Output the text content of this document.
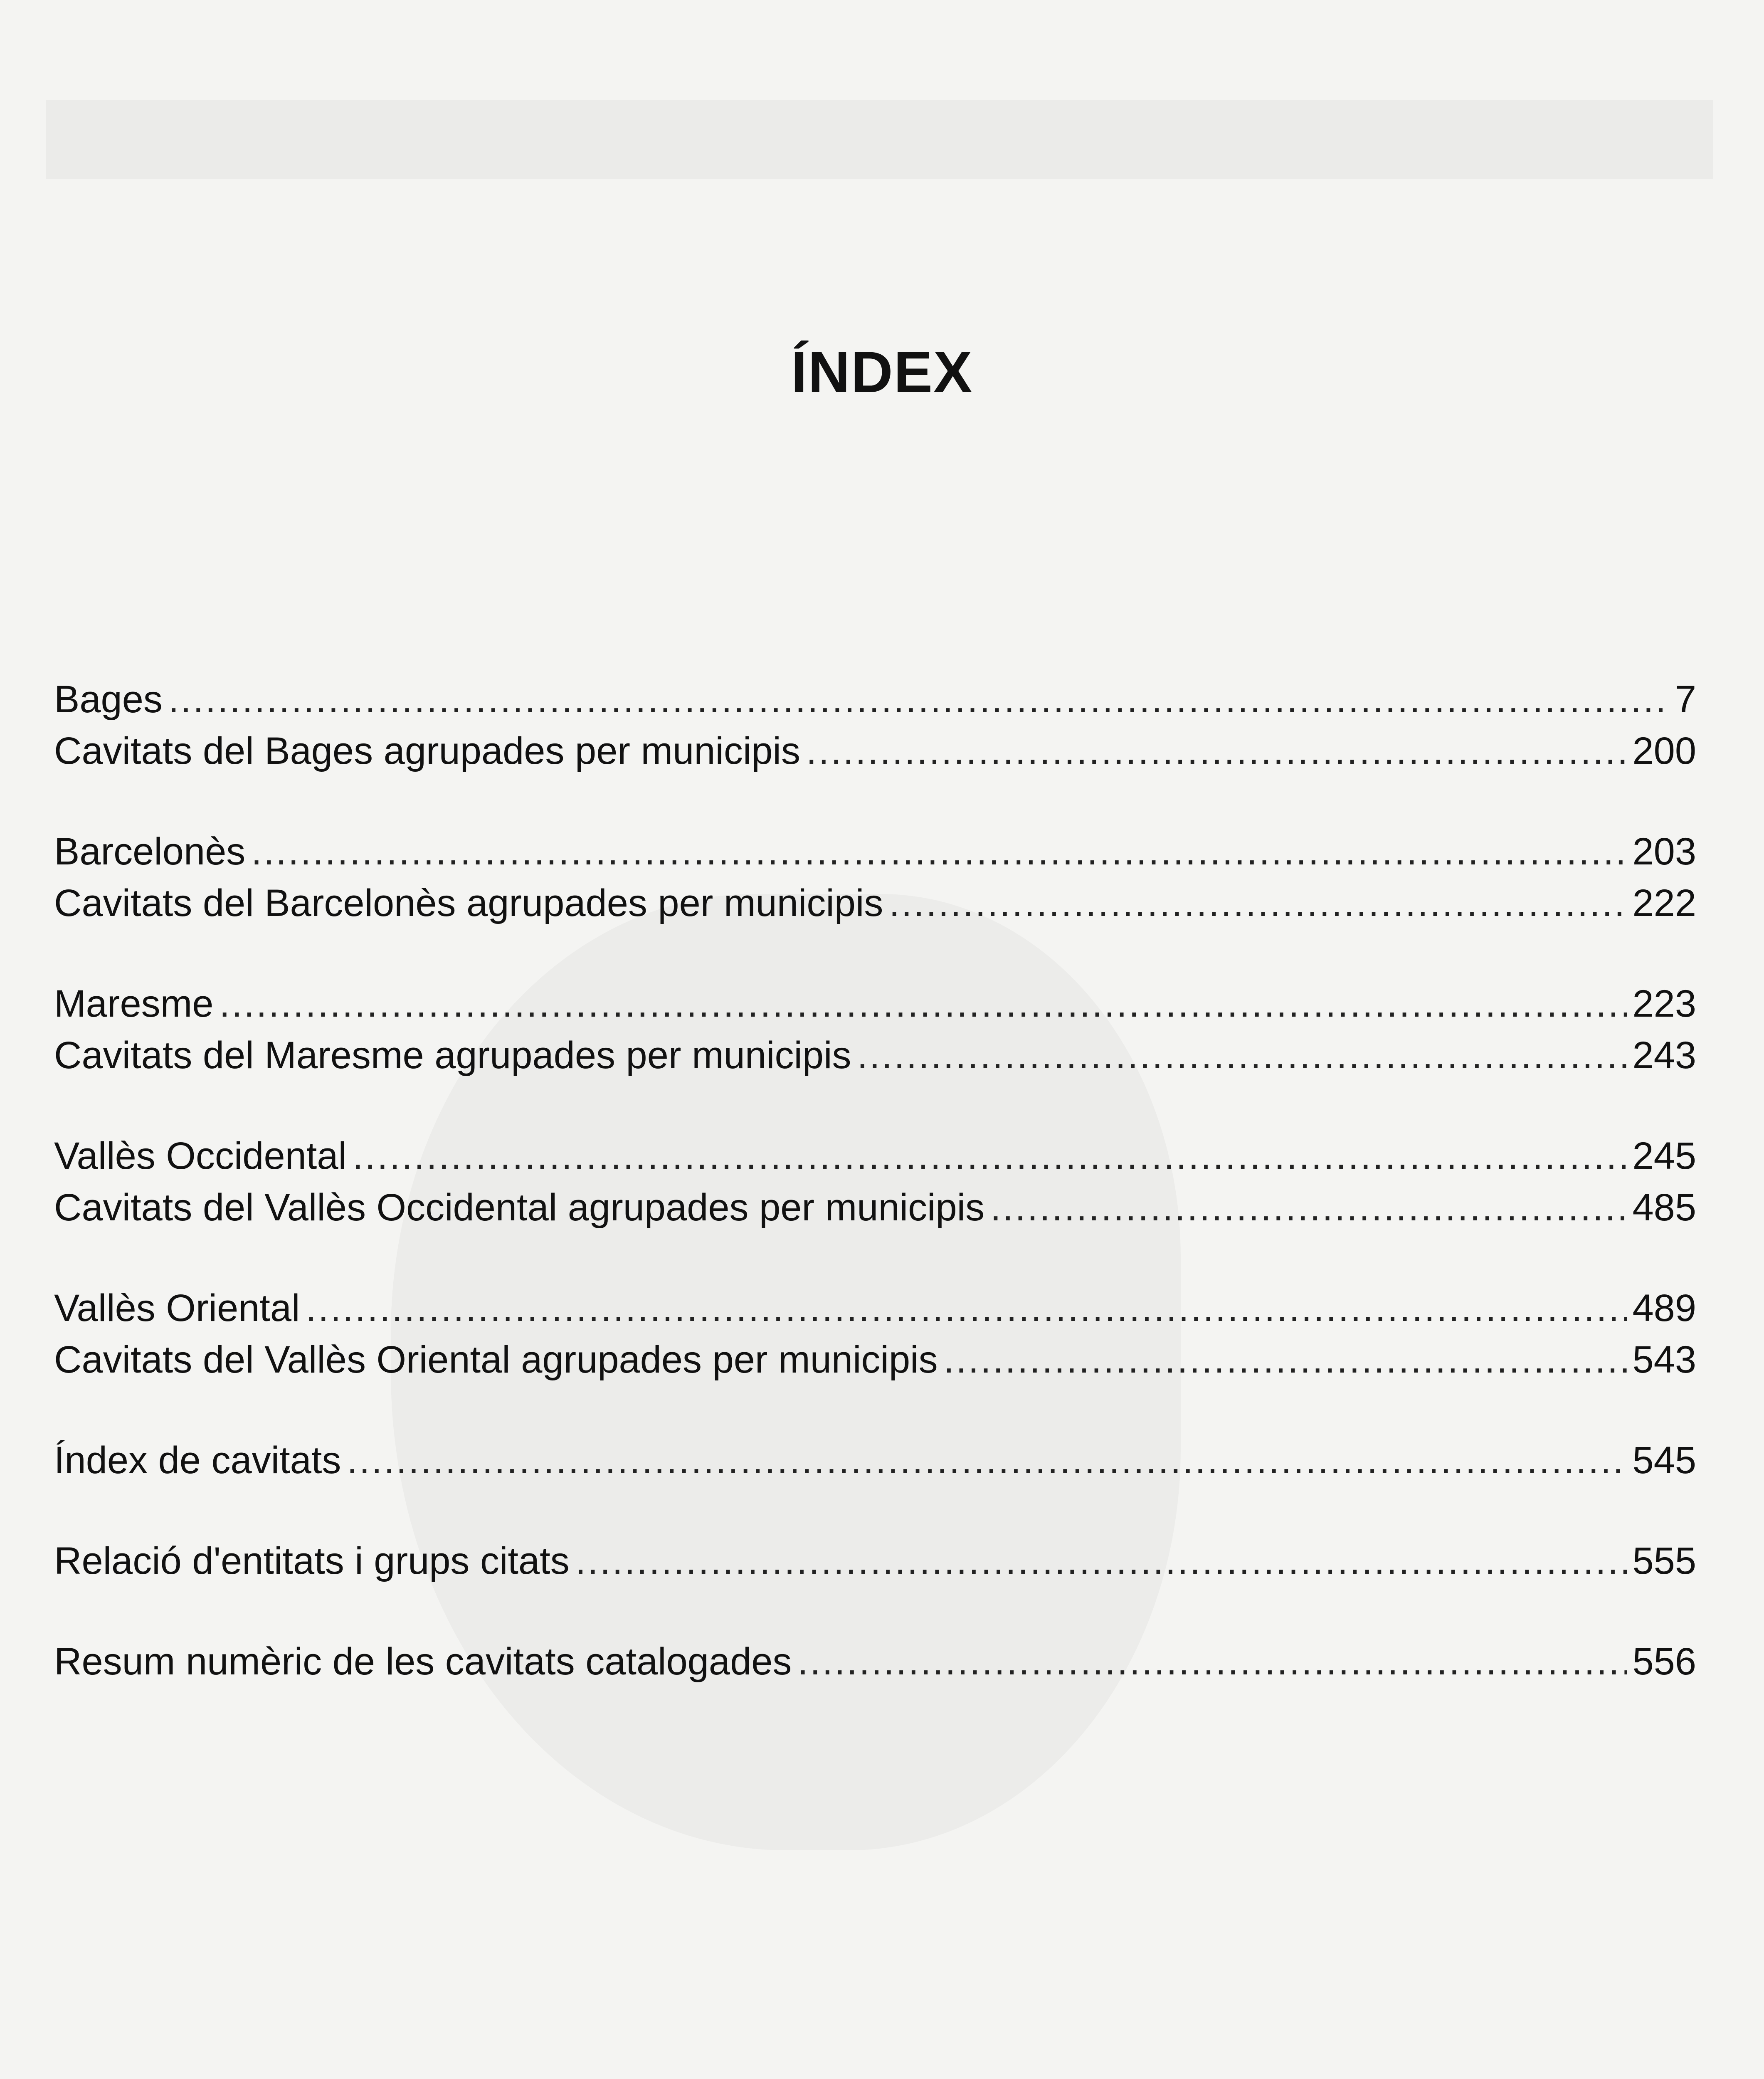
ÍNDEX
Bages .....	7
Cavitats del Bages agrupades per municipis .....	200
Barcelonès .....	203
Cavitats del Barcelonès agrupades per municipis .....	222
Maresme .....	223
Cavitats del Maresme agrupades per municipis .....	243
Vallès Occidental .....	245
Cavitats del Vallès Occidental agrupades per municipis .....	485
Vallès Oriental .....	489
Cavitats del Vallès Oriental agrupades per municipis .....	543
Índex de cavitats .....	545
Relació d'entitats i grups citats .....	555
Resum numèric de les cavitats catalogades .....	556
